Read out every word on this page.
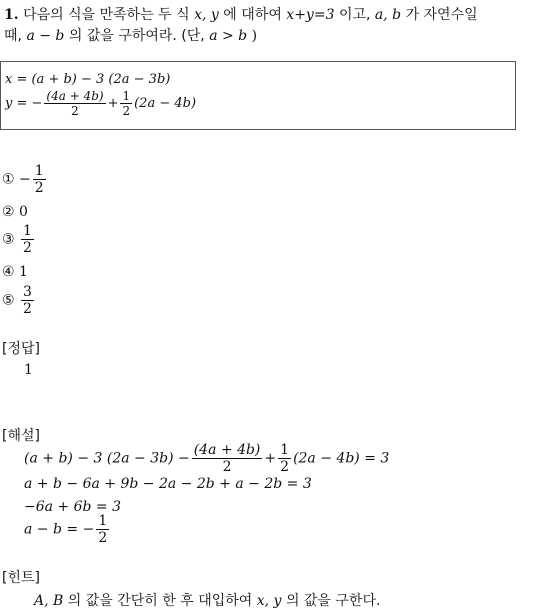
1. 다음의 식을 만족하는 두 식 x, y 에 대하여 x+y=3 이고, a, b 가 자연수일
때, a − b 의 값을 구하여라. (단, a > b )
x = (a + b) − 3 (2a − 3b)
y = − $\frac{(4a + 4b)}{2} + \frac{1}{2} (2a - 4b)$
① − $\frac{1}{2}$
② 0
③ $\frac{1}{2}$
④ 1
⑤ $\frac{3}{2}$
[정답]
1
[해설]
(a + b) − 3 $(2a - 3b) - \frac{(4a + 4b)}{2} + \frac{1}{2} (2a - 4b) = 3$
a + b − 6a + 9b − 2a − 2b + a − 2b = 3
−6a + 6b = 3
a − b = − $\frac{1}{2}$
[힌트]
A, B 의 값을 간단히 한 후 대입하여 x, y 의 값을 구한다.
